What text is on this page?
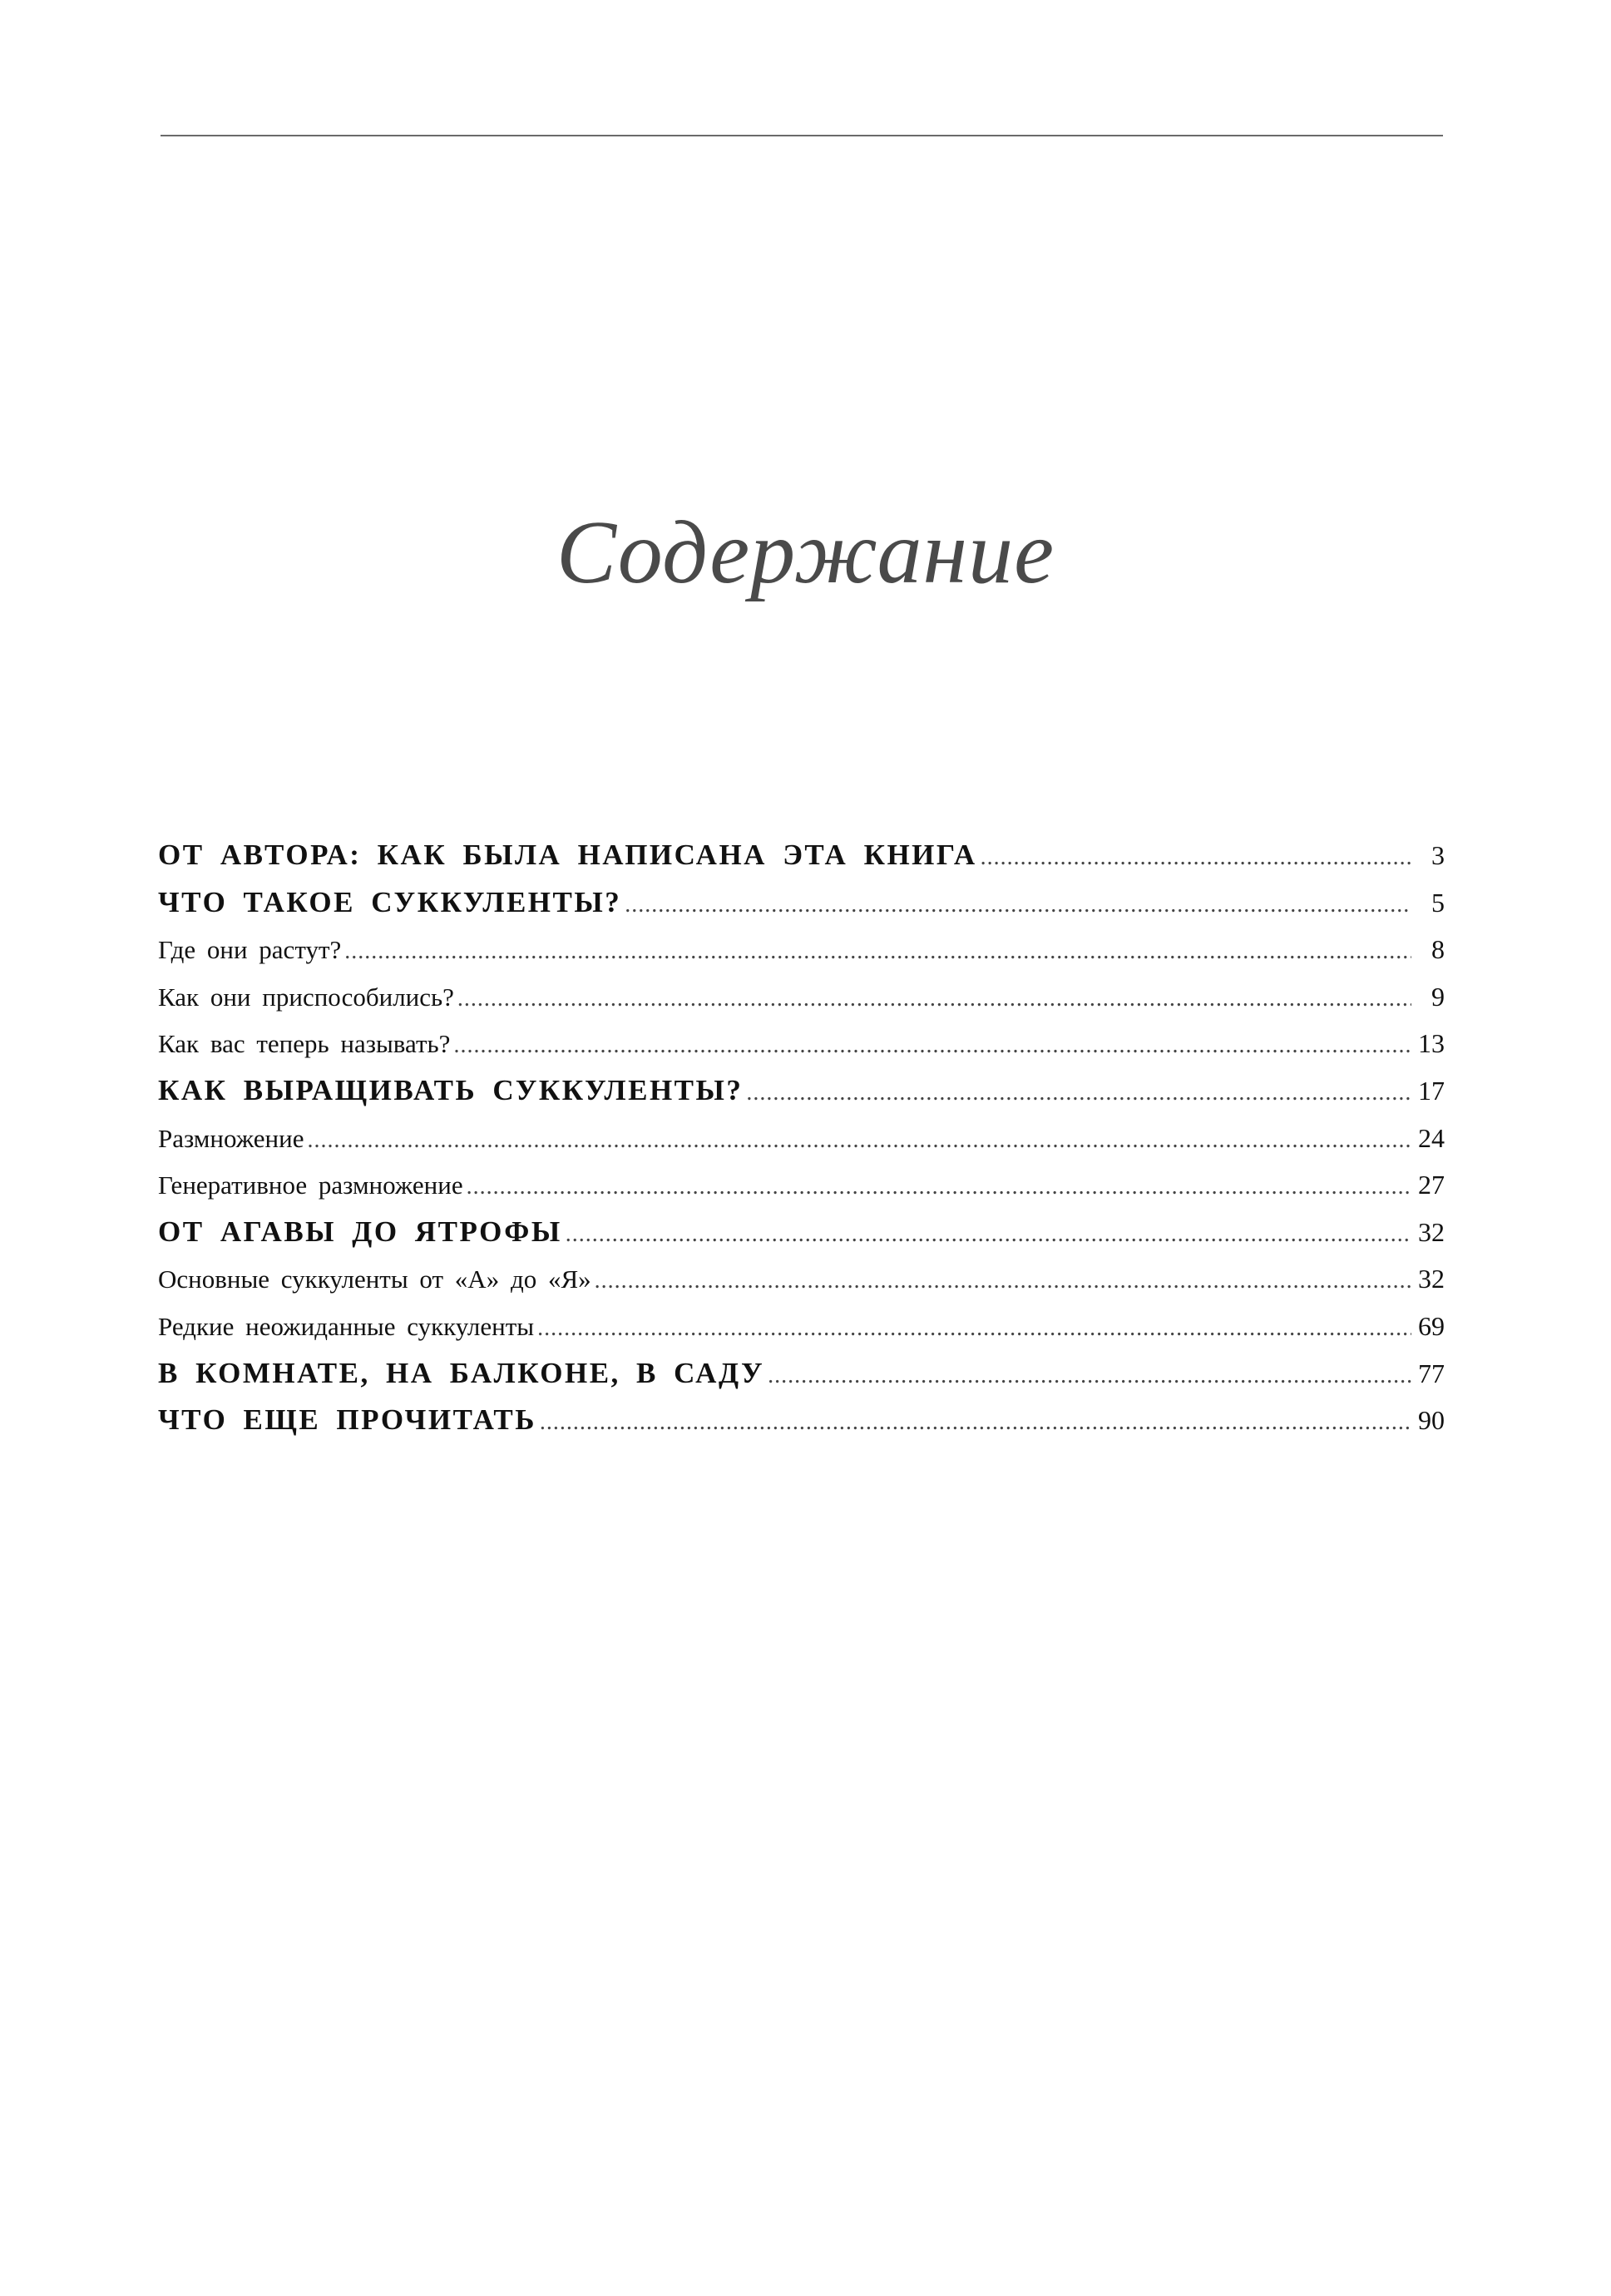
Содержание
ОТ АВТОРА: КАК БЫЛА НАПИСАНА ЭТА КНИГА .....	3
ЧТО ТАКОЕ СУККУЛЕНТЫ? .....	5
Где они растут? .....	8
Как они приспособились? .....	9
Как вас теперь называть? .....	13
КАК ВЫРАЩИВАТЬ СУККУЛЕНТЫ? .....	17
Размножение .....	24
Генеративное размножение .....	27
ОТ АГАВЫ ДО ЯТРОФЫ .....	32
Основные суккуленты от «А» до «Я» .....	32
Редкие неожиданные суккуленты .....	69
В КОМНАТЕ, НА БАЛКОНЕ, В САДУ .....	77
ЧТО ЕЩЕ ПРОЧИТАТЬ .....	90
